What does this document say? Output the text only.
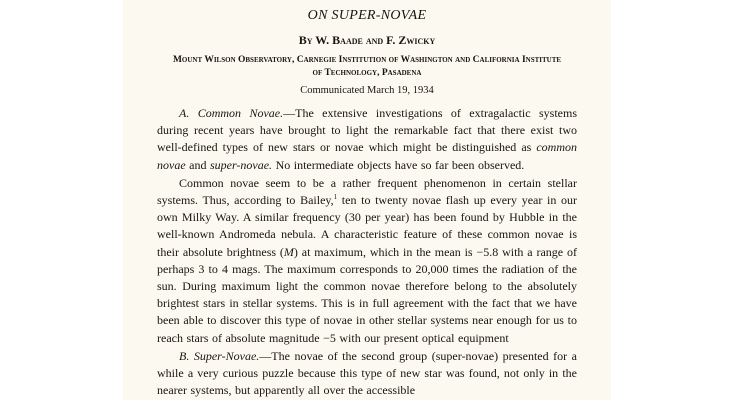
ON SUPER-NOVAE
By W. Baade and F. Zwicky
Mount Wilson Observatory, Carnegie Institution of Washington and California Institute of Technology, Pasadena
Communicated March 19, 1934

A. Common Novae.—The extensive investigations of extragalactic systems during recent years have brought to light the remarkable fact that there exist two well-defined types of new stars or novae which might be distinguished as common novae and super-novae. No intermediate objects have so far been observed.

Common novae seem to be a rather frequent phenomenon in certain stellar systems. Thus, according to Bailey,$^1$ ten to twenty novae flash up every year in our own Milky Way. A similar frequency (30 per year) has been found by Hubble in the well-known Andromeda nebula. A characteristic feature of these common novae is their absolute brightness (M) at maximum, which in the mean is −5.8 with a range of perhaps 3 to 4 mags. The maximum corresponds to 20,000 times the radiation of the sun. During maximum light the common novae therefore belong to the absolutely brightest stars in stellar systems. This is in full agreement with the fact that we have been able to discover this type of novae in other stellar systems near enough for us to reach stars of absolute magnitude −5 with our present optical equipment

B. Super-Novae.—The novae of the second group (super-novae) presented for a while a very curious puzzle because this type of new star was found, not only in the nearer systems, but apparently all over the accessible
